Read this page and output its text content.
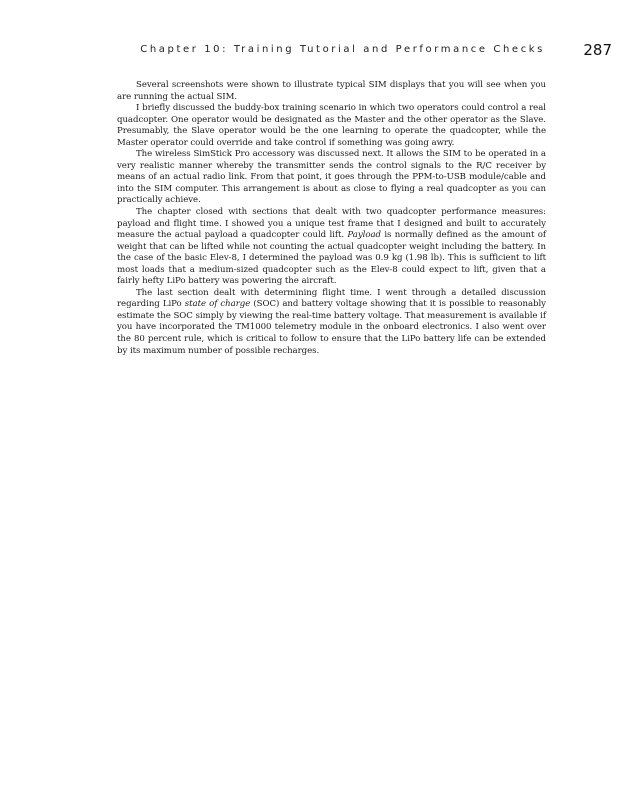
Chapter 10: Training Tutorial and Performance Checks	287

Several screenshots were shown to illustrate typical SIM displays that you will see when you are running the actual SIM.

I briefly discussed the buddy-box training scenario in which two operators could control a real quadcopter. One operator would be designated as the Master and the other operator as the Slave. Presumably, the Slave operator would be the one learning to operate the quadcopter, while the Master operator could override and take control if something was going awry.

The wireless SimStick Pro accessory was discussed next. It allows the SIM to be operated in a very realistic manner whereby the transmitter sends the control signals to the R/C receiver by means of an actual radio link. From that point, it goes through the PPM-to-USB module/cable and into the SIM computer. This arrangement is about as close to flying a real quadcopter as you can practically achieve.

The chapter closed with sections that dealt with two quadcopter performance measures: payload and flight time. I showed you a unique test frame that I designed and built to accurately measure the actual payload a quadcopter could lift. Payload is normally defined as the amount of weight that can be lifted while not counting the actual quadcopter weight including the battery. In the case of the basic Elev-8, I determined the payload was 0.9 kg (1.98 lb). This is sufficient to lift most loads that a medium-sized quadcopter such as the Elev-8 could expect to lift, given that a fairly hefty LiPo battery was powering the aircraft.

The last section dealt with determining flight time. I went through a detailed discussion regarding LiPo state of charge (SOC) and battery voltage showing that it is possible to reasonably estimate the SOC simply by viewing the real-time battery voltage. That measurement is available if you have incorporated the TM1000 telemetry module in the onboard electronics. I also went over the 80 percent rule, which is critical to follow to ensure that the LiPo battery life can be extended by its maximum number of possible recharges.
